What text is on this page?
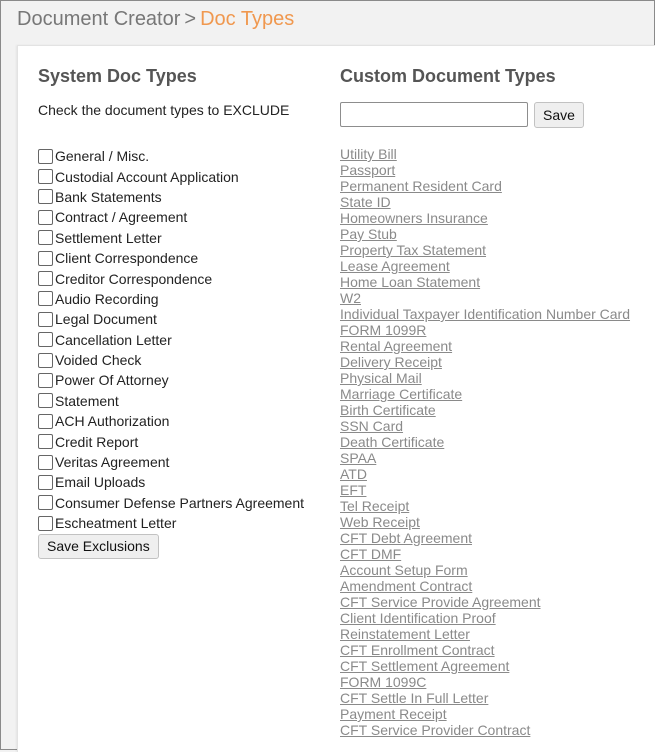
Document Creator > Doc Types
System Doc Types
Check the document types to EXCLUDE
General / Misc.
Custodial Account Application
Bank Statements
Contract / Agreement
Settlement Letter
Client Correspondence
Creditor Correspondence
Audio Recording
Legal Document
Cancellation Letter
Voided Check
Power Of Attorney
Statement
ACH Authorization
Credit Report
Veritas Agreement
Email Uploads
Consumer Defense Partners Agreement
Escheatment Letter
Save Exclusions
Custom Document Types
Save
Utility Bill
Passport
Permanent Resident Card
State ID
Homeowners Insurance
Pay Stub
Property Tax Statement
Lease Agreement
Home Loan Statement
W2
Individual Taxpayer Identification Number Card
FORM 1099R
Rental Agreement
Delivery Receipt
Physical Mail
Marriage Certificate
Birth Certificate
SSN Card
Death Certificate
SPAA
ATD
EFT
Tel Receipt
Web Receipt
CFT Debt Agreement
CFT DMF
Account Setup Form
Amendment Contract
CFT Service Provide Agreement
Client Identification Proof
Reinstatement Letter
CFT Enrollment Contract
CFT Settlement Agreement
FORM 1099C
CFT Settle In Full Letter
Payment Receipt
CFT Service Provider Contract
